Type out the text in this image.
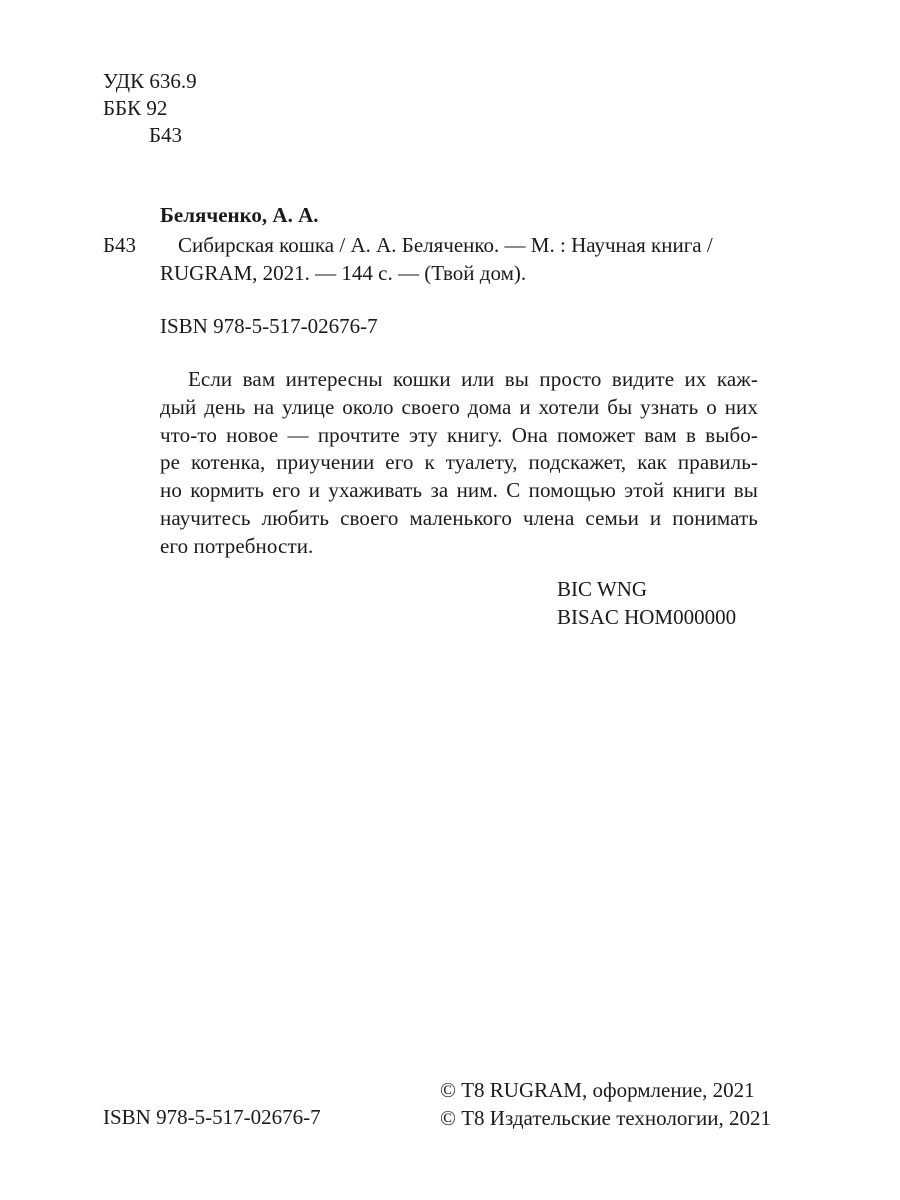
УДК 636.9
ББК 92
Б43
Беляченко, А. А.
Б43 Сибирская кошка / А. А. Беляченко. — М. : Научная книга /
RUGRAM, 2021. — 144 с. — (Твой дом).
ISBN 978-5-517-02676-7
Если вам интересны кошки или вы просто видите их каж-
дый день на улице около своего дома и хотели бы узнать о них
что-то новое — прочтите эту книгу. Она поможет вам в выбо-
ре котенка, приучении его к туалету, подскажет, как правиль-
но кормить его и ухаживать за ним. С помощью этой книги вы
научитесь любить своего маленького члена семьи и понимать
его потребности.
BIC WNG
BISAC HOM000000
ISBN 978-5-517-02676-7
© Т8 RUGRAM, оформление, 2021
© Т8 Издательские технологии, 2021
